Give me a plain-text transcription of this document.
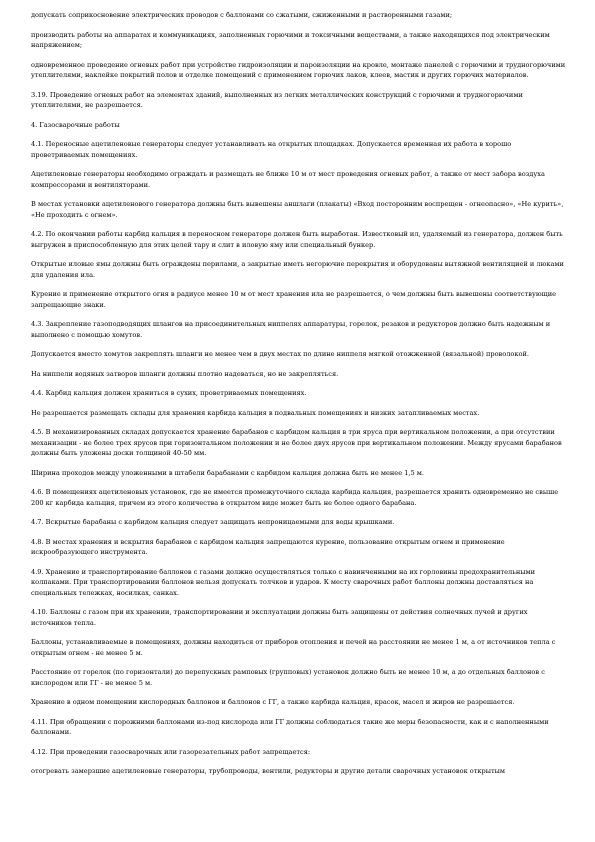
допускать соприкосновение электрических проводов с баллонами со сжатыми, сжиженными и растворенными газами;

производить работы на аппаратах и коммуникациях, заполненных горючими и токсичными веществами, а также находящихся под электрическим напряжением;

одновременное проведение огневых работ при устройстве гидроизоляции и пароизоляции на кровле, монтаже панелей с горючими и трудногорючими утеплителями, наклейке покрытий полов и отделке помещений с применением горючих лаков, клеев, мастик и других горючих материалов.

3.19. Проведение огневых работ на элементах зданий, выполненных из легких металлических конструкций с горючими и трудногорючими утеплителями, не разрешается.

4. Газосварочные работы

4.1. Переносные ацетиленовые генераторы следует устанавливать на открытых площадках. Допускается временная их работа в хорошо проветриваемых помещениях.

Ацетиленовые генераторы необходимо ограждать и размещать не ближе 10 м от мест проведения огневых работ, а также от мест забора воздуха компрессорами и вентиляторами.

В местах установки ацетиленового генератора должны быть вывешены аншлаги (плакаты) «Вход посторонним воспрещен - огнеопасно», «Не курить», «Не проходить с огнем».

4.2. По окончании работы карбид кальция в переносном генераторе должен быть выработан. Известковый ил, удаляемый из генератора, должен быть выгружен в приспособленную для этих целей тару и слит в иловую яму или специальный бункер.

Открытые иловые ямы должны быть ограждены перилами, а закрытые иметь негорючие перекрытия и оборудованы вытяжной вентиляцией и люками для удаления ила.

Курение и применение открытого огня в радиусе менее 10 м от мест хранения ила не разрешается, о чем должны быть вывешены соответствующие запрещающие знаки.

4.3. Закрепление газоподводящих шлангов на присоединительных ниппелях аппаратуры, горелок, резаков и редукторов должно быть надежным и выполнено с помощью хомутов.

Допускается вместо хомутов закреплять шланги не менее чем в двух местах по длине ниппеля мягкой отожженной (вязальной) проволокой.

На ниппели водяных затворов шланги должны плотно надеваться, но не закрепляться.

4.4. Карбид кальция должен храниться в сухих, проветриваемых помещениях.

Не разрешается размещать склады для хранения карбида кальция в подвальных помещениях и низких затапливаемых местах.

4.5. В механизированных складах допускается хранение барабанов с карбидом кальция в три яруса при вертикальном положении, а при отсутствии механизации - не более трех ярусов при горизонтальном положении и не более двух ярусов при вертикальном положении. Между ярусами барабанов должны быть уложены доски толщиной 40-50 мм.

Ширина проходов между уложенными в штабели барабанами с карбидом кальция должна быть не менее 1,5 м.

4.6. В помещениях ацетиленовых установок, где не имеется промежуточного склада карбида кальция, разрешается хранить одновременно не свыше 200 кг карбида кальция, причем из этого количества в открытом виде может быть не более одного барабана.

4.7. Вскрытые барабаны с карбидом кальция следует защищать непроницаемыми для воды крышками.

4.8. В местах хранения и вскрытия барабанов с карбидом кальция запрещаются курение, пользование открытым огнем и применение искрообразующего инструмента.

4.9. Хранение и транспортирование баллонов с газами должно осуществляться только с навинченными на их горловины предохранительными колпаками. При транспортировании баллонов нельзя допускать толчков и ударов. К месту сварочных работ баллоны должны доставляться на специальных тележках, носилках, санках.

4.10. Баллоны с газом при их хранении, транспортировании и эксплуатации должны быть защищены от действия солнечных лучей и других источников тепла.

Баллоны, устанавливаемые в помещениях, должны находиться от приборов отопления и печей на расстоянии не менее 1 м, а от источников тепла с открытым огнем - не менее 5 м.

Расстояние от горелок (по горизонтали) до перепускных рамповых (групповых) установок должно быть не менее 10 м, а до отдельных баллонов с кислородом или ГГ - не менее 5 м.

Хранение в одном помещении кислородных баллонов и баллонов с ГГ, а также карбида кальция, красок, масел и жиров не разрешается.

4.11. При обращении с порожними баллонами из-под кислорода или ГГ должны соблюдаться такие же меры безопасности, как и с наполненными баллонами.

4.12. При проведении газосварочных или газорезательных работ запрещается:

отогревать замерзшие ацетиленовые генераторы, трубопроводы, вентили, редукторы и другие детали сварочных установок открытым
